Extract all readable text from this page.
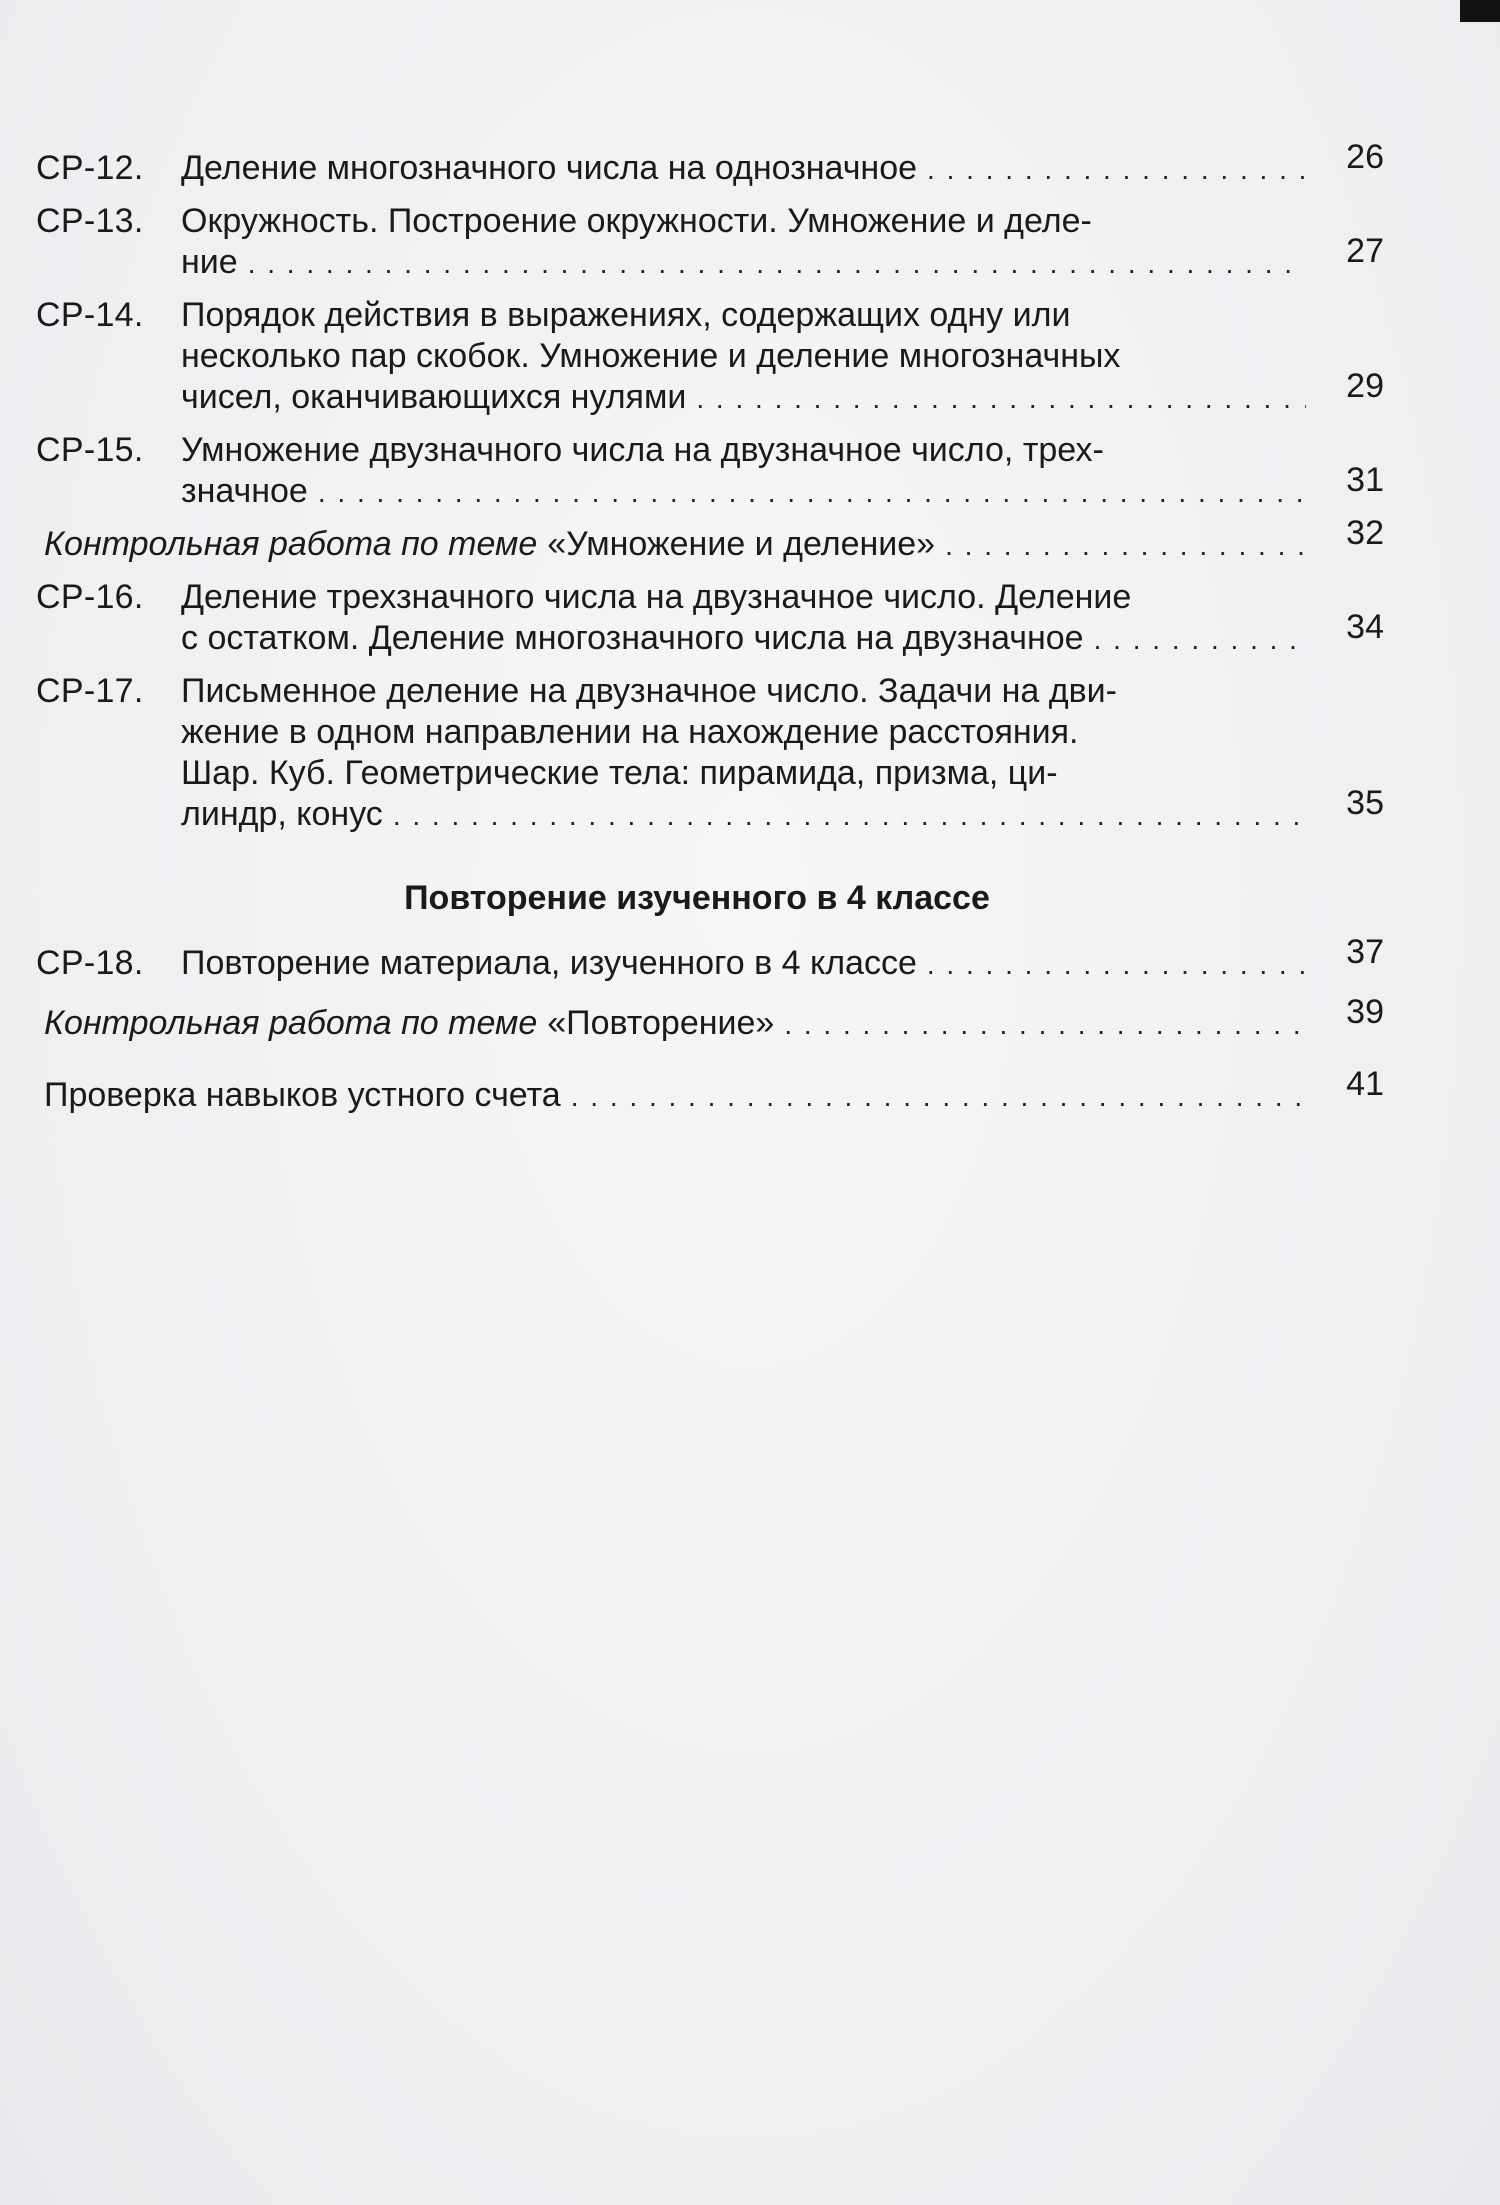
СР-12. Деление многозначного числа на однозначное . . .	26
СР-13. Окружность. Построение окружности. Умножение и деле-
ние . . .	27
СР-14. Порядок действия в выражениях, содержащих одну или
несколько пар скобок. Умножение и деление многозначных
чисел, оканчивающихся нулями . . .	29
СР-15. Умножение двузначного числа на двузначное число, трех-
значное . . .	31
Контрольная работа по теме «Умножение и деление» . . .	32
СР-16. Деление трехзначного числа на двузначное число. Деление
с остатком. Деление многозначного числа на двузначное . . .	34
СР-17. Письменное деление на двузначное число. Задачи на дви-
жение в одном направлении на нахождение расстояния.
Шар. Куб. Геометрические тела: пирамида, призма, ци-
линдр, конус . . .	35
Повторение изученного в 4 классе
СР-18. Повторение материала, изученного в 4 классе . . .	37
Контрольная работа по теме «Повторение» . . .	39
Проверка навыков устного счета . . .	41
